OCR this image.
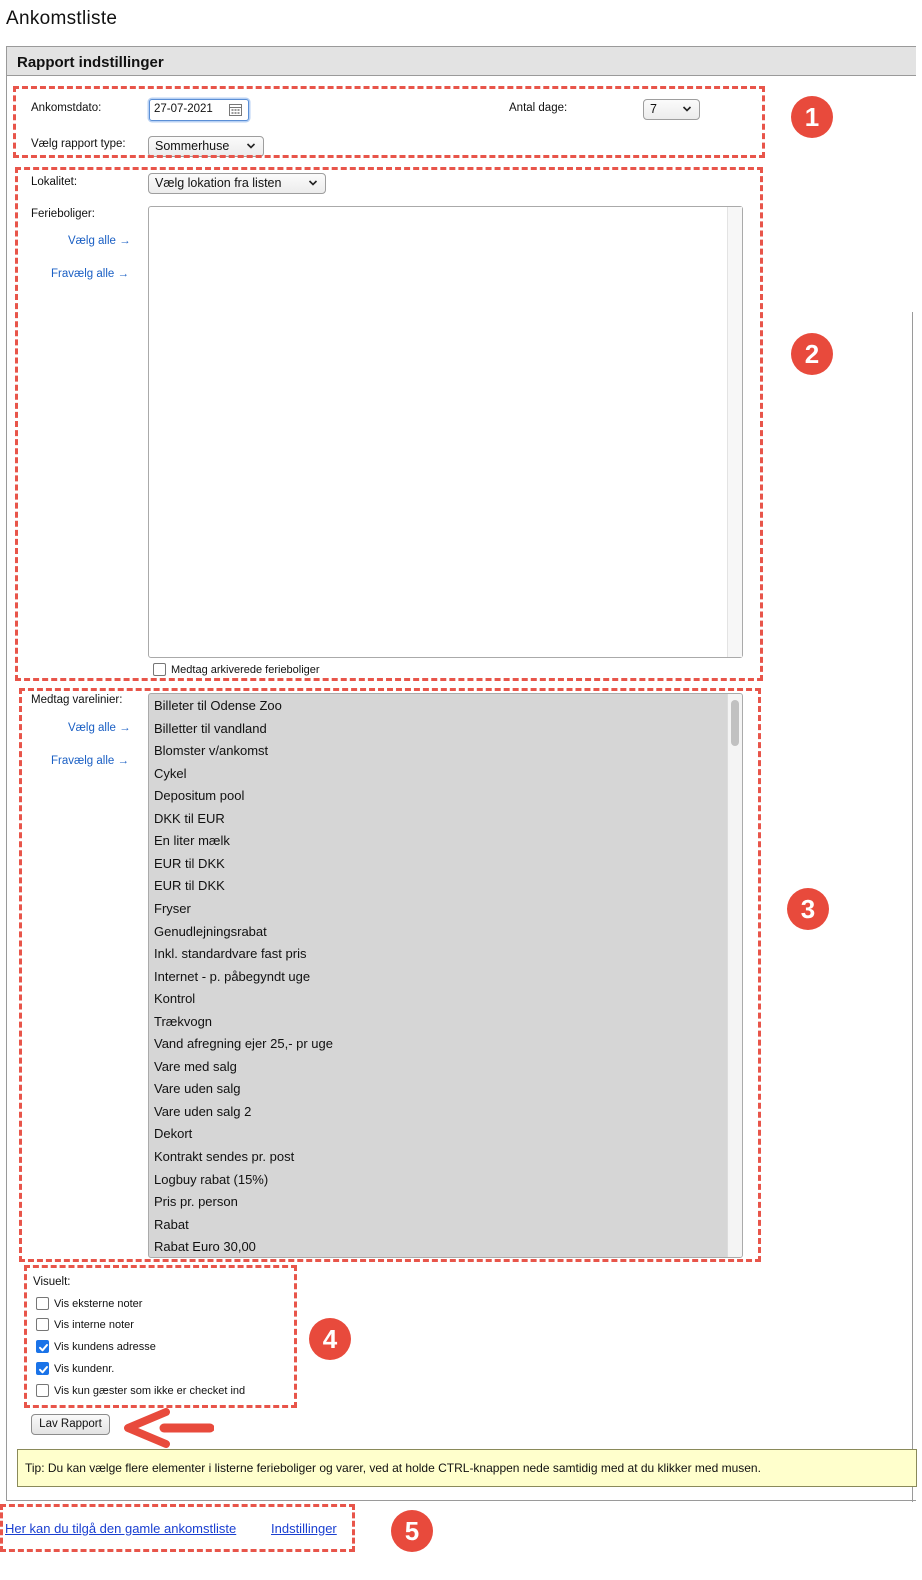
Ankomstliste
Rapport indstillinger
Ankomstdato:	27-07-2021	Antal dage:	7
Vælg rapport type:	Sommerhuse
Lokalitet:	Vælg lokation fra listen
Ferieboliger:
Vælg alle →
Fravælg alle →
Medtag arkiverede ferieboliger
Medtag varelinier:
Vælg alle →
Fravælg alle →
Billeter til Odense Zoo
Billetter til vandland
Blomster v/ankomst
Cykel
Depositum pool
DKK til EUR
En liter mælk
EUR til DKK
EUR til DKK
Fryser
Genudlejningsrabat
Inkl. standardvare fast pris
Internet - p. påbegyndt uge
Kontrol
Trækvogn
Vand afregning ejer 25,- pr uge
Vare med salg
Vare uden salg
Vare uden salg 2
Dekort
Kontrakt sendes pr. post
Logbuy rabat (15%)
Pris pr. person
Rabat
Rabat Euro 30,00
Visuelt:
Vis eksterne noter
Vis interne noter
Vis kundens adresse
Vis kundenr.
Vis kun gæster som ikke er checket ind
Lav Rapport
Tip: Du kan vælge flere elementer i listerne ferieboliger og varer, ved at holde CTRL-knappen nede samtidig med at du klikker med musen.
Her kan du tilgå den gamle ankomstliste	Indstillinger
1
2
3
4
5
